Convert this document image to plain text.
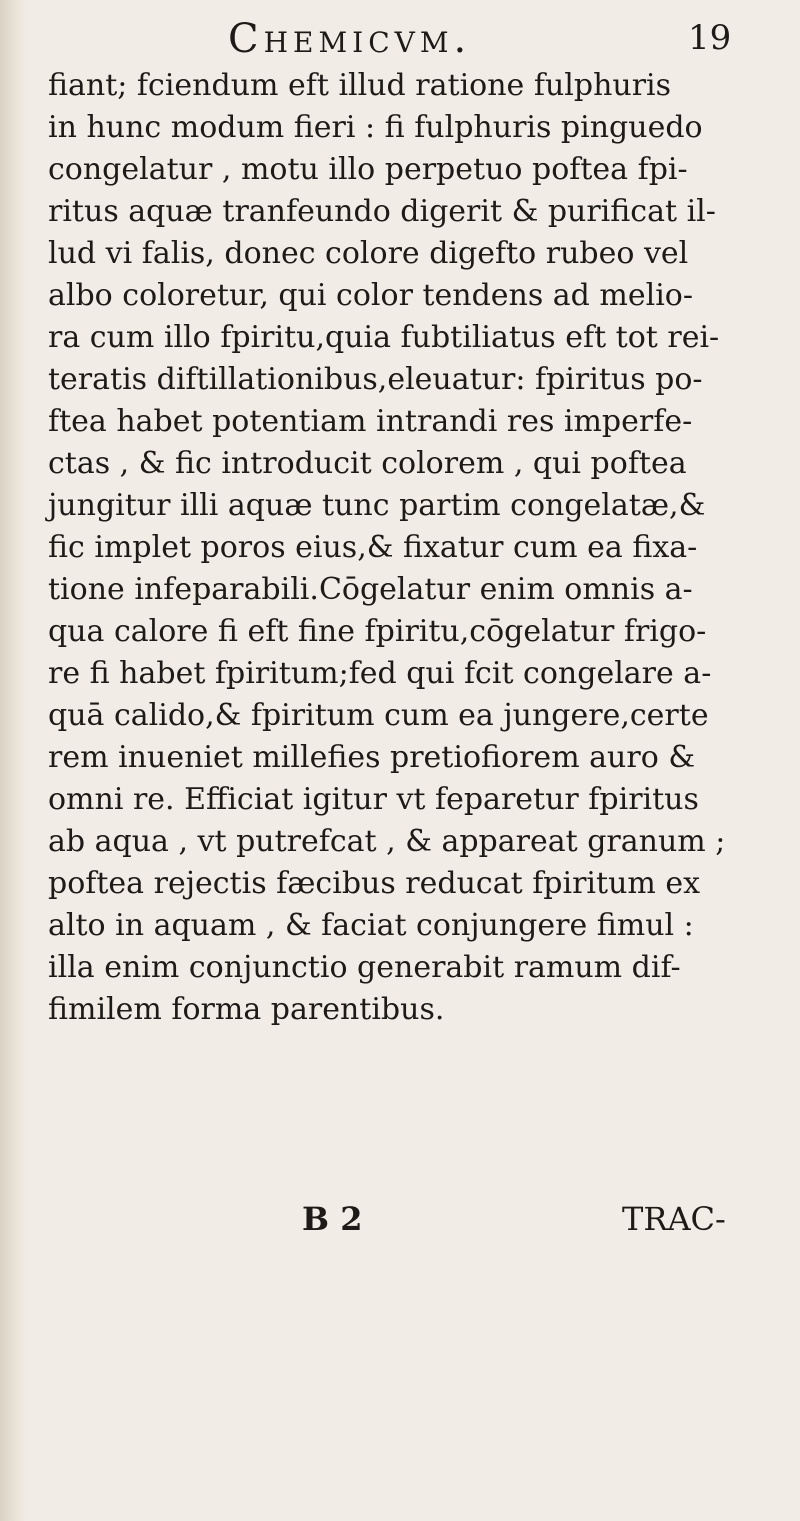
Chemicvm.	19
fiant; fciendum eft illud ratione fulphuris
in hunc modum fieri : fi fulphuris pinguedo
congelatur , motu illo perpetuo poftea fpi-
ritus aquæ tranfeundo digerit & purificat il-
lud vi falis, donec colore digefto rubeo vel
albo coloretur, qui color tendens ad melio-
ra cum illo fpiritu,quia fubtiliatus eft tot rei-
teratis diftillationibus,eleuatur: fpiritus po-
ftea habet potentiam intrandi res imperfe-
ctas , & fic introducit colorem , qui poftea
jungitur illi aquæ tunc partim congelatæ,&
fic implet poros eius,& fixatur cum ea fixa-
tione infeparabili.Cōgelatur enim omnis a-
qua calore fi eft fine fpiritu,cōgelatur frigo-
re fi habet fpiritum;fed qui fcit congelare a-
quā calido,& fpiritum cum ea jungere,certe
rem inueniet millefies pretiofiorem auro &
omni re. Efficiat igitur vt feparetur fpiritus
ab aqua , vt putrefcat , & appareat granum ;
poftea rejectis fæcibus reducat fpiritum ex
alto in aquam , & faciat conjungere fimul :
illa enim conjunctio generabit ramum dif-
fimilem forma parentibus.
B 2	TRAC-
